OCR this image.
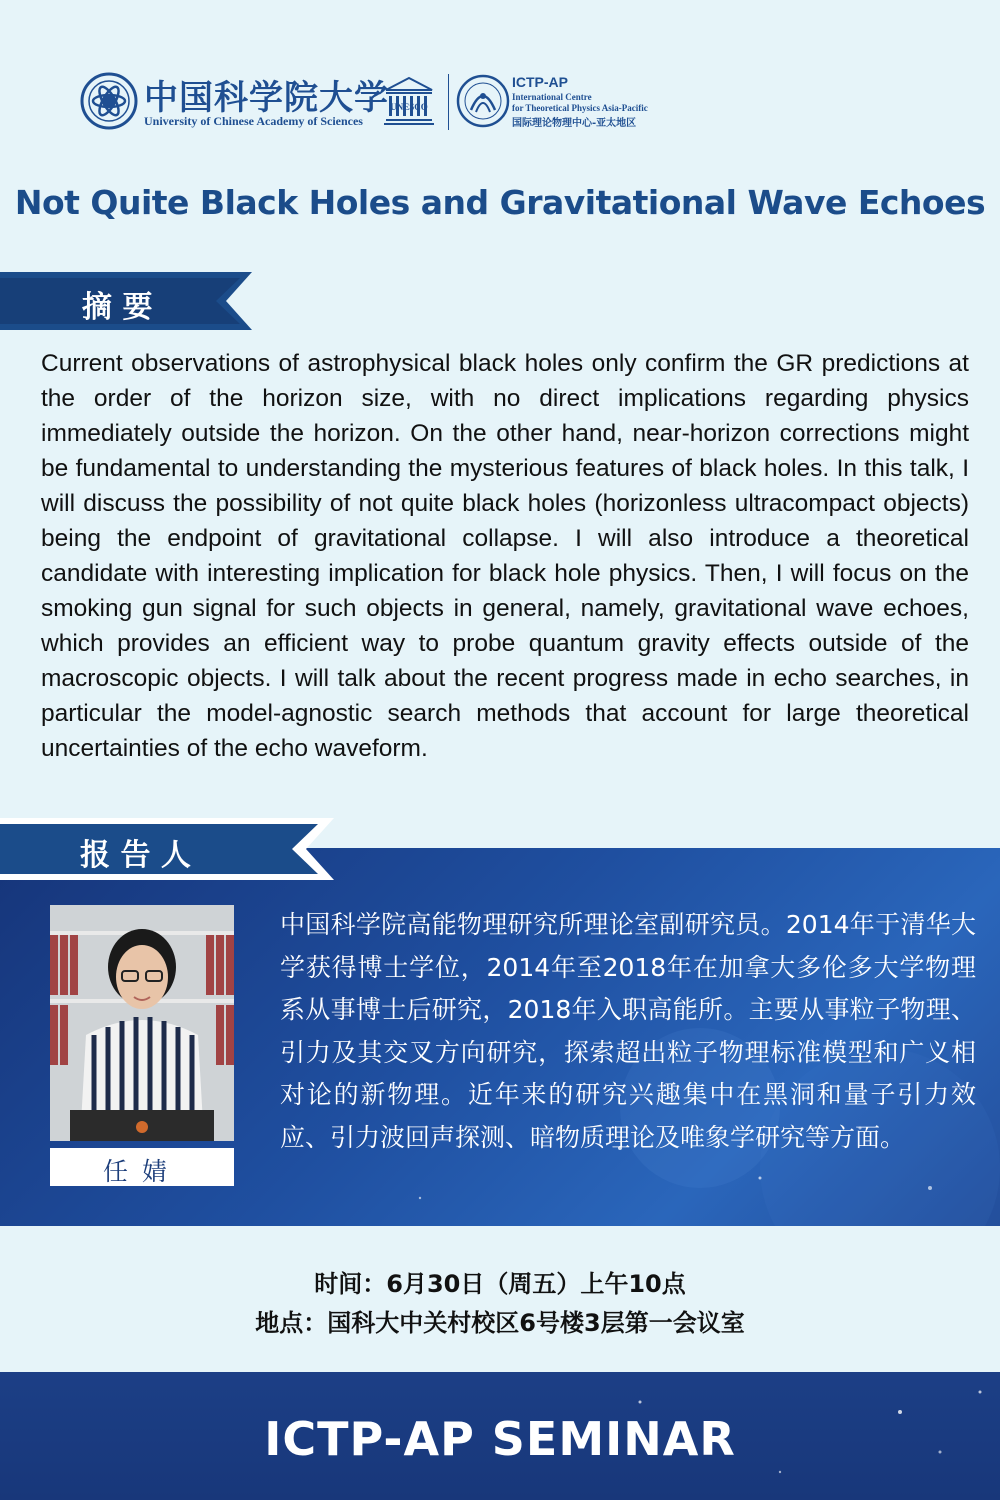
中国科学院大学
University of Chinese Academy of Sciences
UNESCO
ICTP-AP
International Centre
for Theoretical Physics Asia-Pacific
国际理论物理中心-亚太地区
Not Quite Black Holes and Gravitational Wave Echoes
摘 要

Current observations of astrophysical black holes only confirm the GR predictions at the order of the horizon size, with no direct implications regarding physics immediately outside the horizon. On the other hand, near-horizon corrections might be fundamental to understanding the mysterious features of black holes. In this talk, I will discuss the possibility of not quite black holes (horizonless ultracompact objects) being the endpoint of gravitational collapse. I will also introduce a theoretical candidate with interesting implication for black hole physics. Then, I will focus on the smoking gun signal for such objects in general, namely, gravitational wave echoes, which provides an efficient way to probe quantum gravity effects outside of the macroscopic objects. I will talk about the recent progress made in echo searches, in particular the model-agnostic search methods that account for large theoretical uncertainties of the echo waveform.

报 告 人
任婧

中国科学院高能物理研究所理论室副研究员。2014年于清华大学获得博士学位，2014年至2018年在加拿大多伦多大学物理系从事博士后研究，2018年入职高能所。主要从事粒子物理、引力及其交叉方向研究，探索超出粒子物理标准模型和广义相对论的新物理。近年来的研究兴趣集中在黑洞和量子引力效应、引力波回声探测、暗物质理论及唯象学研究等方面。

时间：6月30日（周五）上午10点
地点：国科大中关村校区6号楼3层第一会议室
ICTP-AP SEMINAR
